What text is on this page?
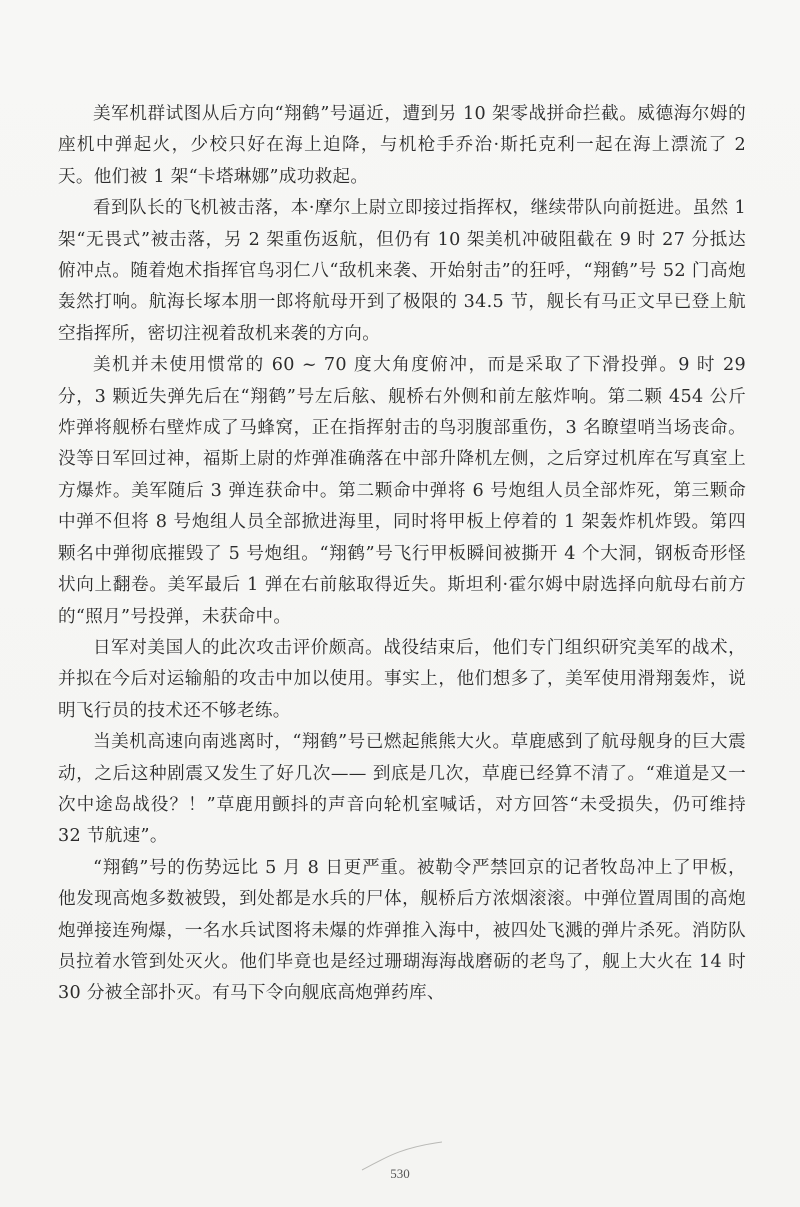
美军机群试图从后方向“翔鹤”号逼近，遭到另 10 架零战拼命拦截。威德海尔姆的座机中弹起火，少校只好在海上迫降，与机枪手乔治·斯托克利一起在海上漂流了 2 天。他们被 1 架“卡塔琳娜”成功救起。

看到队长的飞机被击落，本·摩尔上尉立即接过指挥权，继续带队向前挺进。虽然 1 架“无畏式”被击落，另 2 架重伤返航，但仍有 10 架美机冲破阻截在 9 时 27 分抵达俯冲点。随着炮术指挥官鸟羽仁八“敌机来袭、开始射击”的狂呼，“翔鹤”号 52 门高炮轰然打响。航海长塚本朋一郎将航母开到了极限的 34.5 节，舰长有马正文早已登上航空指挥所，密切注视着敌机来袭的方向。

美机并未使用惯常的 60 ~ 70 度大角度俯冲，而是采取了下滑投弹。9 时 29 分，3 颗近失弹先后在“翔鹤”号左后舷、舰桥右外侧和前左舷炸响。第二颗 454 公斤炸弹将舰桥右壁炸成了马蜂窝，正在指挥射击的鸟羽腹部重伤，3 名瞭望哨当场丧命。没等日军回过神，福斯上尉的炸弹准确落在中部升降机左侧，之后穿过机库在写真室上方爆炸。美军随后 3 弹连获命中。第二颗命中弹将 6 号炮组人员全部炸死，第三颗命中弹不但将 8 号炮组人员全部掀进海里，同时将甲板上停着的 1 架轰炸机炸毁。第四颗名中弹彻底摧毁了 5 号炮组。“翔鹤”号飞行甲板瞬间被撕开 4 个大洞，钢板奇形怪状向上翻卷。美军最后 1 弹在右前舷取得近失。斯坦利·霍尔姆中尉选择向航母右前方的“照月”号投弹，未获命中。

日军对美国人的此次攻击评价颇高。战役结束后，他们专门组织研究美军的战术，并拟在今后对运输船的攻击中加以使用。事实上，他们想多了，美军使用滑翔轰炸，说明飞行员的技术还不够老练。

当美机高速向南逃离时，“翔鹤”号已燃起熊熊大火。草鹿感到了航母舰身的巨大震动，之后这种剧震又发生了好几次—— 到底是几次，草鹿已经算不清了。“难道是又一次中途岛战役？！”草鹿用颤抖的声音向轮机室喊话，对方回答“未受损失，仍可维持 32 节航速”。

“翔鹤”号的伤势远比 5 月 8 日更严重。被勒令严禁回京的记者牧岛冲上了甲板，他发现高炮多数被毁，到处都是水兵的尸体，舰桥后方浓烟滚滚。中弹位置周围的高炮炮弹接连殉爆，一名水兵试图将未爆的炸弹推入海中，被四处飞溅的弹片杀死。消防队员拉着水管到处灭火。他们毕竟也是经过珊瑚海海战磨砺的老鸟了，舰上大火在 14 时 30 分被全部扑灭。有马下令向舰底高炮弹药库、

530
